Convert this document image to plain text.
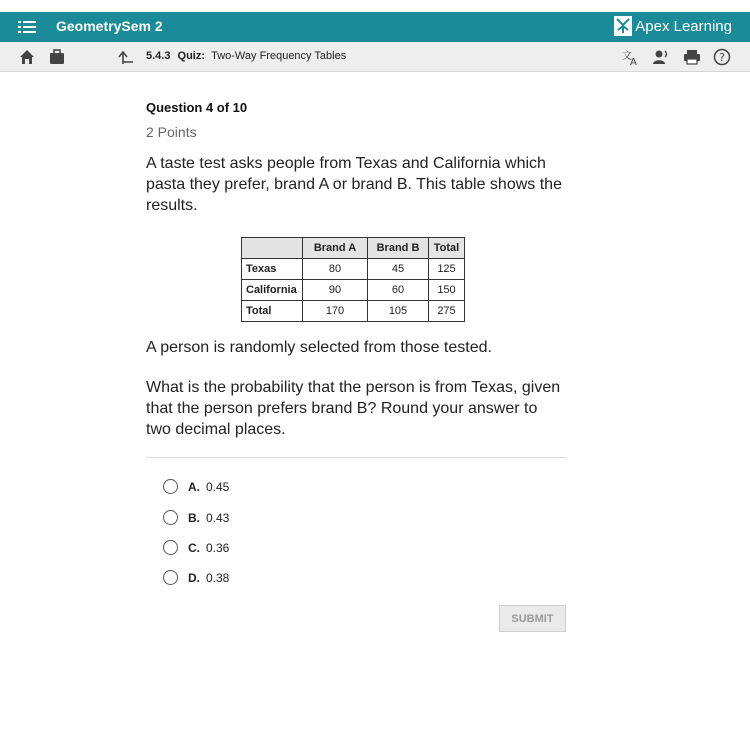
GeometrySem 2	Apex Learning
5.4.3 Quiz: Two-Way Frequency Tables	文
A	?
Question 4 of 10
2 Points
A taste test asks people from Texas and California which pasta they prefer, brand A or brand B. This table shows the results.
	Brand A	Brand B	Total
Texas	80	45	125
California	90	60	150
Total	170	105	275
A person is randomly selected from those tested.
What is the probability that the person is from Texas, given that the person prefers brand B? Round your answer to two decimal places.
A. 0.45
B. 0.43
C. 0.36
D. 0.38
SUBMIT
